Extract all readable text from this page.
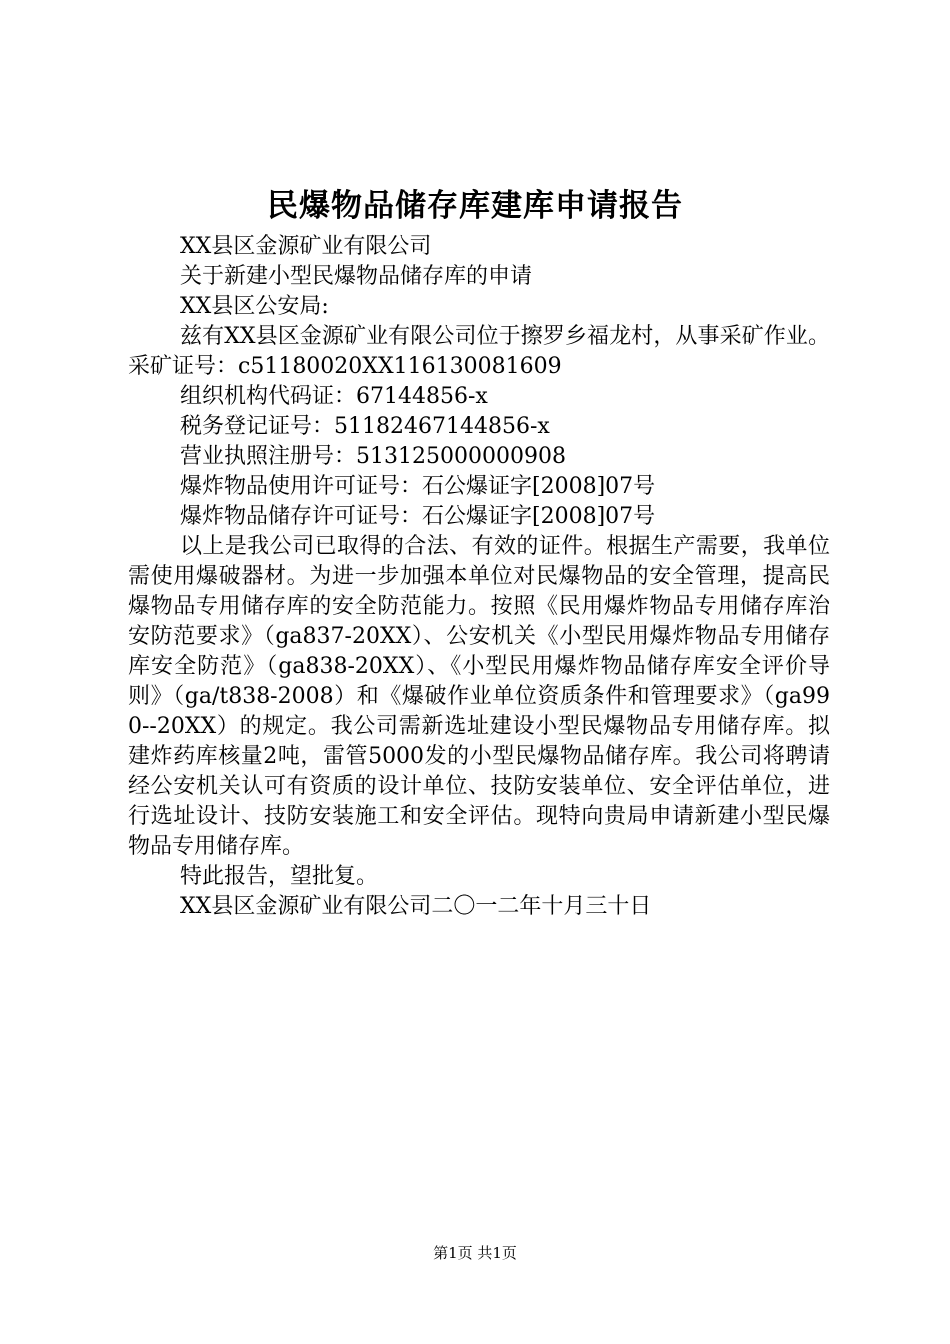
民爆物品储存库建库申请报告

XX县区金源矿业有限公司

关于新建小型民爆物品储存库的申请

XX县区公安局:

兹有XX县区金源矿业有限公司位于擦罗乡福龙村，从事采矿作业。采矿证号：c51180020XX116130081609

组织机构代码证：67144856-x

税务登记证号：51182467144856-x

营业执照注册号：513125000000908

爆炸物品使用许可证号：石公爆证字[2008]07号

爆炸物品储存许可证号：石公爆证字[2008]07号

以上是我公司已取得的合法、有效的证件。根据生产需要，我单位需使用爆破器材。为进一步加强本单位对民爆物品的安全管理，提高民爆物品专用储存库的安全防范能力。按照《民用爆炸物品专用储存库治安防范要求》（ga837-20XX）、公安机关《小型民用爆炸物品专用储存库安全防范》（ga838-20XX）、《小型民用爆炸物品储存库安全评价导则》（ga/t838-2008）和《爆破作业单位资质条件和管理要求》（ga990--20XX）的规定。我公司需新选址建设小型民爆物品专用储存库。拟建炸药库核量2吨，雷管5000发的小型民爆物品储存库。我公司将聘请经公安机关认可有资质的设计单位、技防安装单位、安全评估单位，进行选址设计、技防安装施工和安全评估。现特向贵局申请新建小型民爆物品专用储存库。

特此报告，望批复。

XX县区金源矿业有限公司二〇一二年十月三十日

第1页 共1页
